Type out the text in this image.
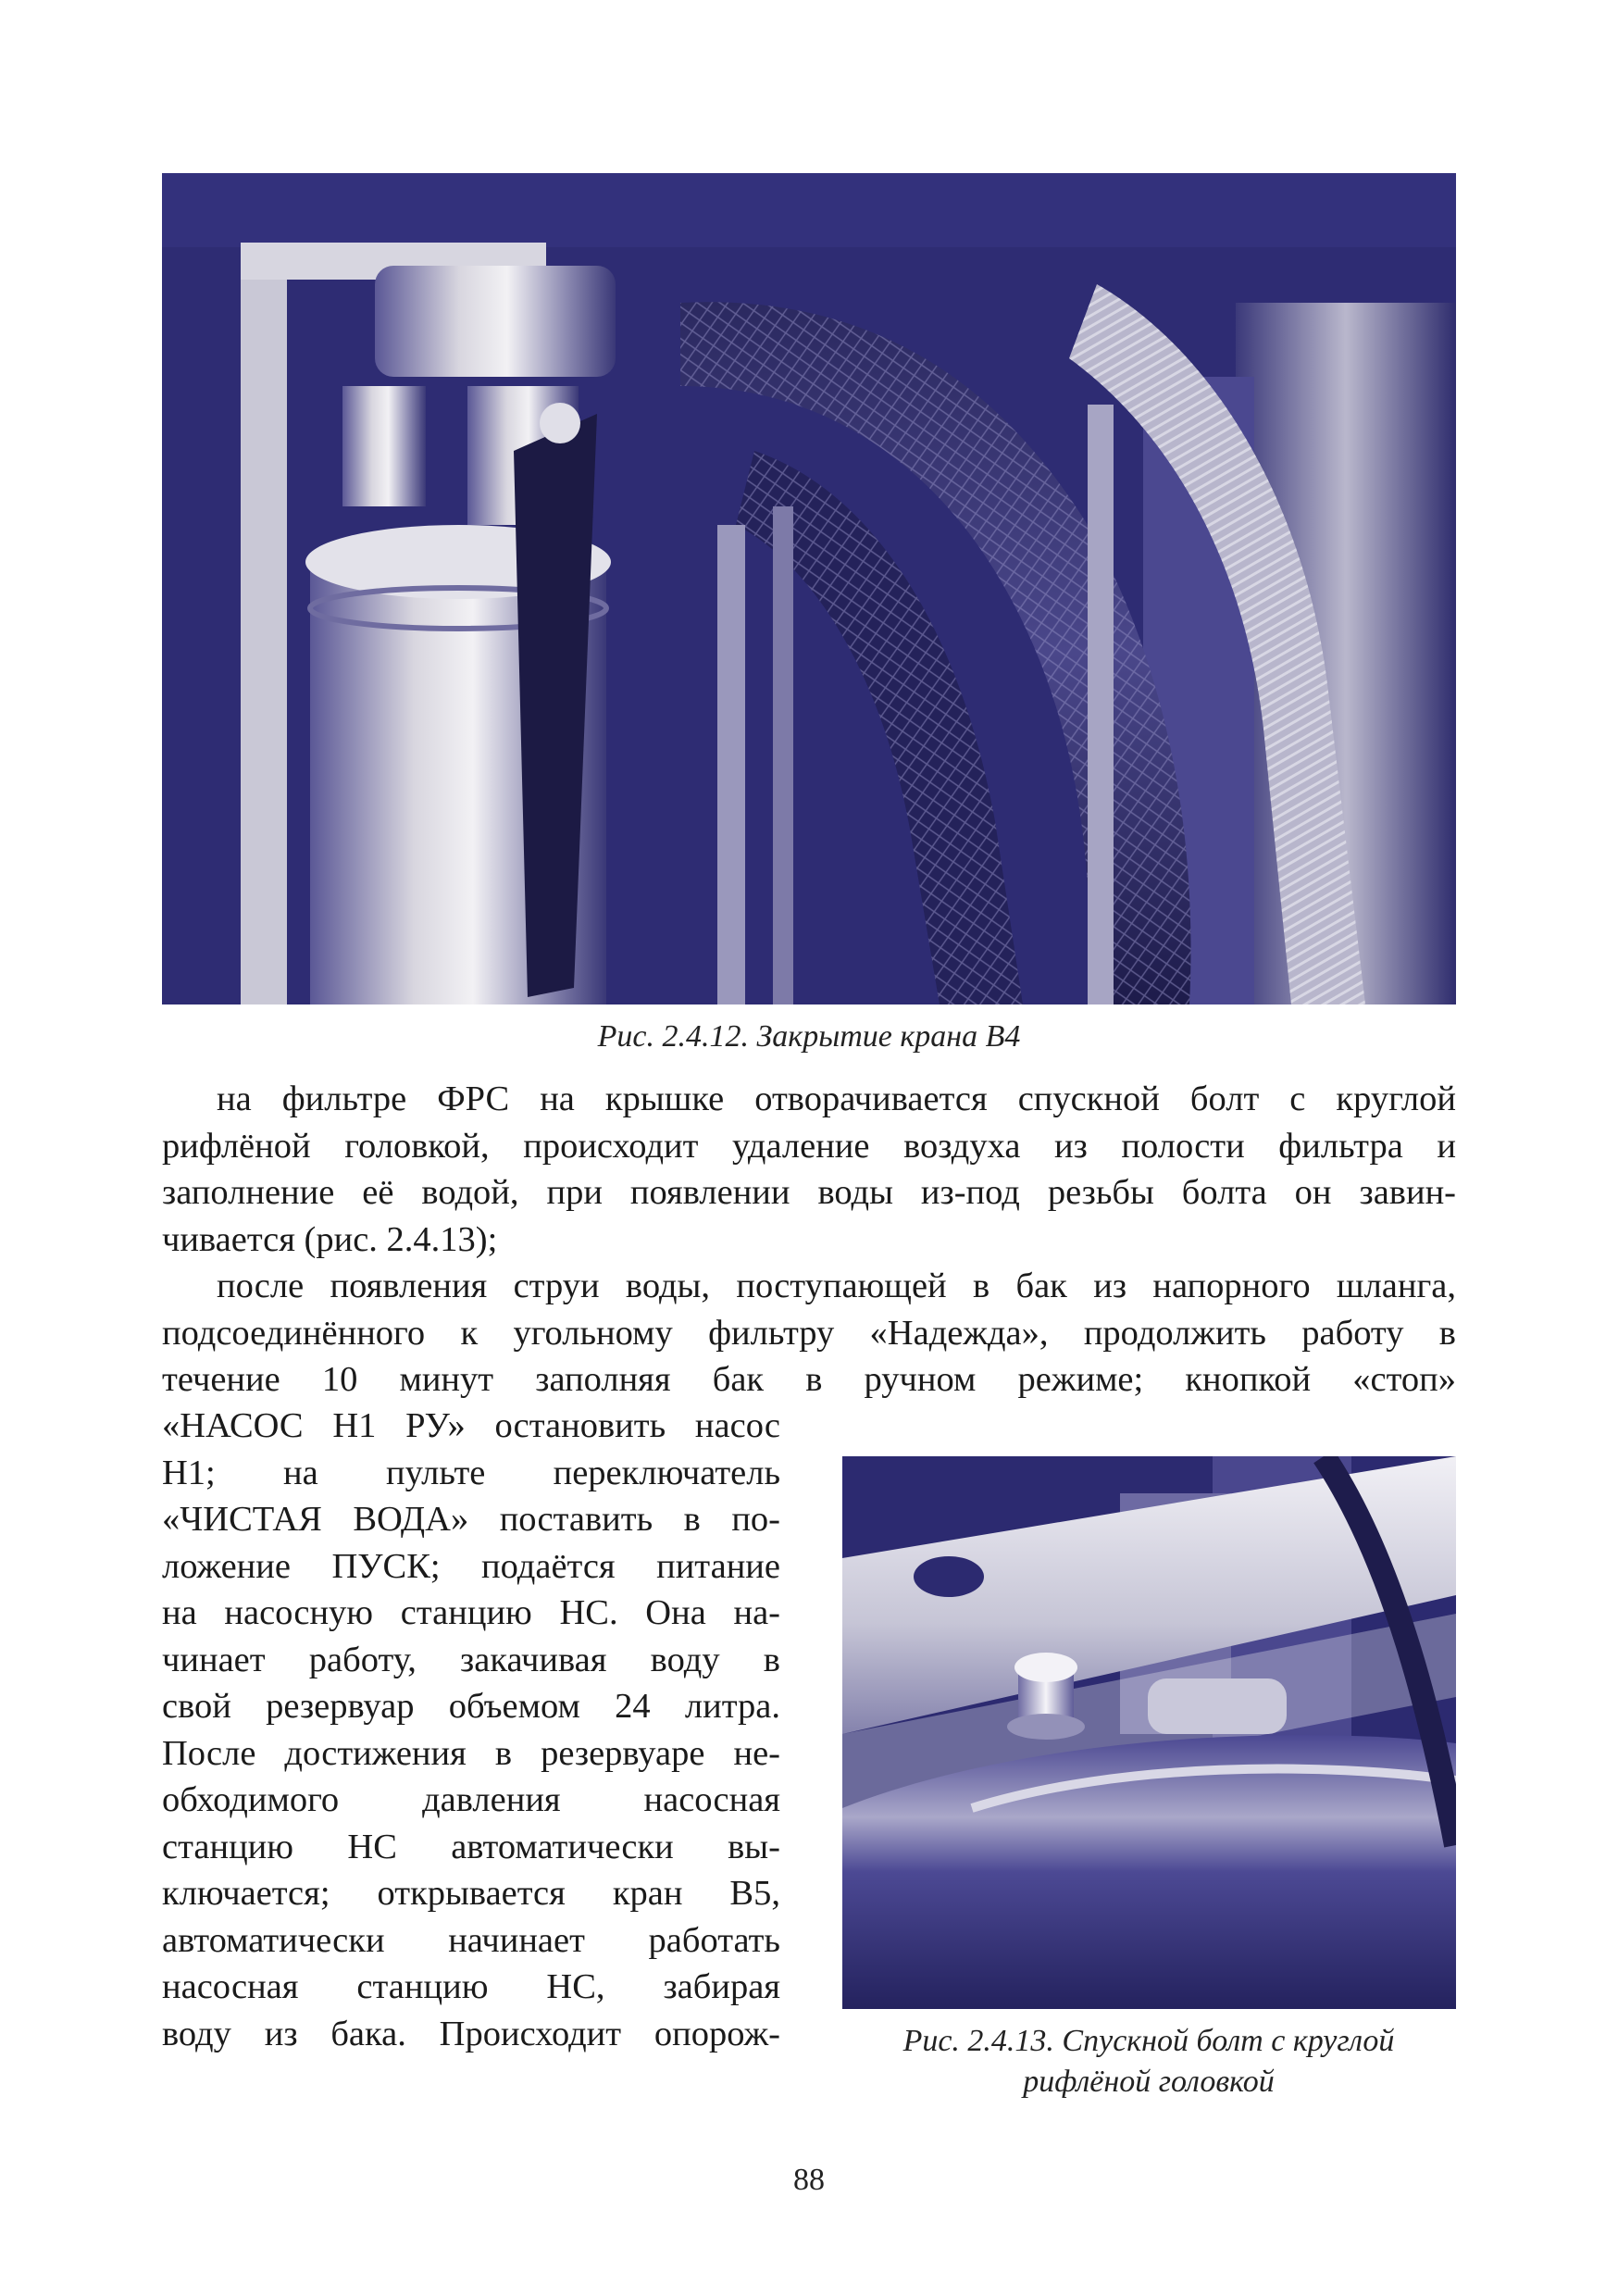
Рис. 2.4.12. Закрытие крана В4
на фильтре ФРС на крышке отворачивается спускной болт с круглой
рифлёной головкой, происходит удаление воздуха из полости фильтра и
заполнение её водой, при появлении воды из-под резьбы болта он завин-
чивается (рис. 2.4.13);
после появления струи воды, поступающей в бак из напорного шланга,
подсоединённого к угольному фильтру «Надежда», продолжить работу в
течение 10 минут заполняя бак в ручном режиме; кнопкой «стоп»
«НАСОС Н1 РУ» остановить насос
Н1; на пульте переключатель
«ЧИСТАЯ ВОДА» поставить в по-
ложение ПУСК; подаётся питание
на насосную станцию НС. Она на-
чинает работу, закачивая воду в
свой резервуар объемом 24 литра.
После достижения в резервуаре не-
обходимого давления насосная
станцию НС автоматически вы-
ключается; открывается кран В5,
автоматически начинает работать
насосная станцию НС, забирая
воду из бака. Происходит опорож-	Рис. 2.4.13. Спускной болт с круглой
рифлёной головкой
88
